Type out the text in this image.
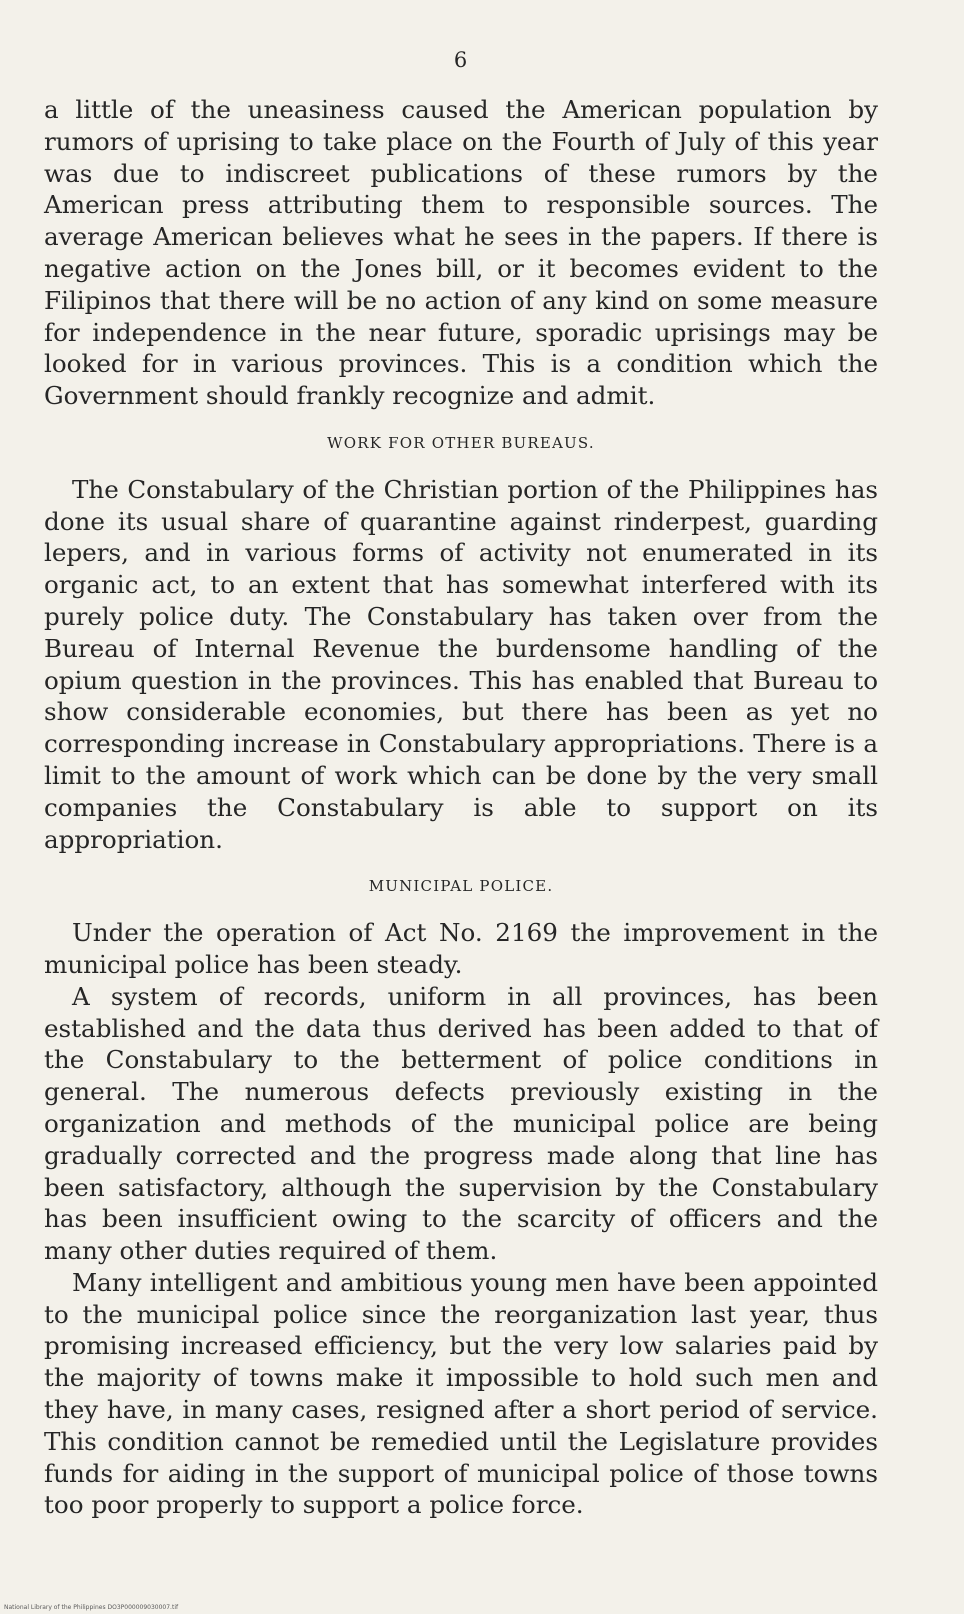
6

a little of the uneasiness caused the American population by rumors of uprising to take place on the Fourth of July of this year was due to indiscreet publications of these rumors by the American press attributing them to responsible sources. The average American believes what he sees in the papers. If there is negative action on the Jones bill, or it becomes evident to the Filipinos that there will be no action of any kind on some measure for independence in the near future, sporadic uprisings may be looked for in various provinces. This is a condition which the Government should frankly recognize and admit.

WORK FOR OTHER BUREAUS.

The Constabulary of the Christian portion of the Philippines has done its usual share of quarantine against rinderpest, guarding lepers, and in various forms of activity not enumerated in its organic act, to an extent that has somewhat interfered with its purely police duty. The Constabulary has taken over from the Bureau of Internal Revenue the burdensome handling of the opium question in the provinces. This has enabled that Bureau to show considerable economies, but there has been as yet no corresponding increase in Constabulary appropriations. There is a limit to the amount of work which can be done by the very small companies the Constabulary is able to support on its appropriation.

MUNICIPAL POLICE.

Under the operation of Act No. 2169 the improvement in the municipal police has been steady.

A system of records, uniform in all provinces, has been established and the data thus derived has been added to that of the Constabulary to the betterment of police conditions in general. The numerous defects previously existing in the organization and methods of the municipal police are being gradually corrected and the progress made along that line has been satisfactory, although the supervision by the Constabulary has been insufficient owing to the scarcity of officers and the many other duties required of them.

Many intelligent and ambitious young men have been appointed to the municipal police since the reorganization last year, thus promising increased efficiency, but the very low salaries paid by the majority of towns make it impossible to hold such men and they have, in many cases, resigned after a short period of service. This condition cannot be remedied until the Legislature provides funds for aiding in the support of municipal police of those towns too poor properly to support a police force.

National Library of the Philippines DO3P000009030007.tif
